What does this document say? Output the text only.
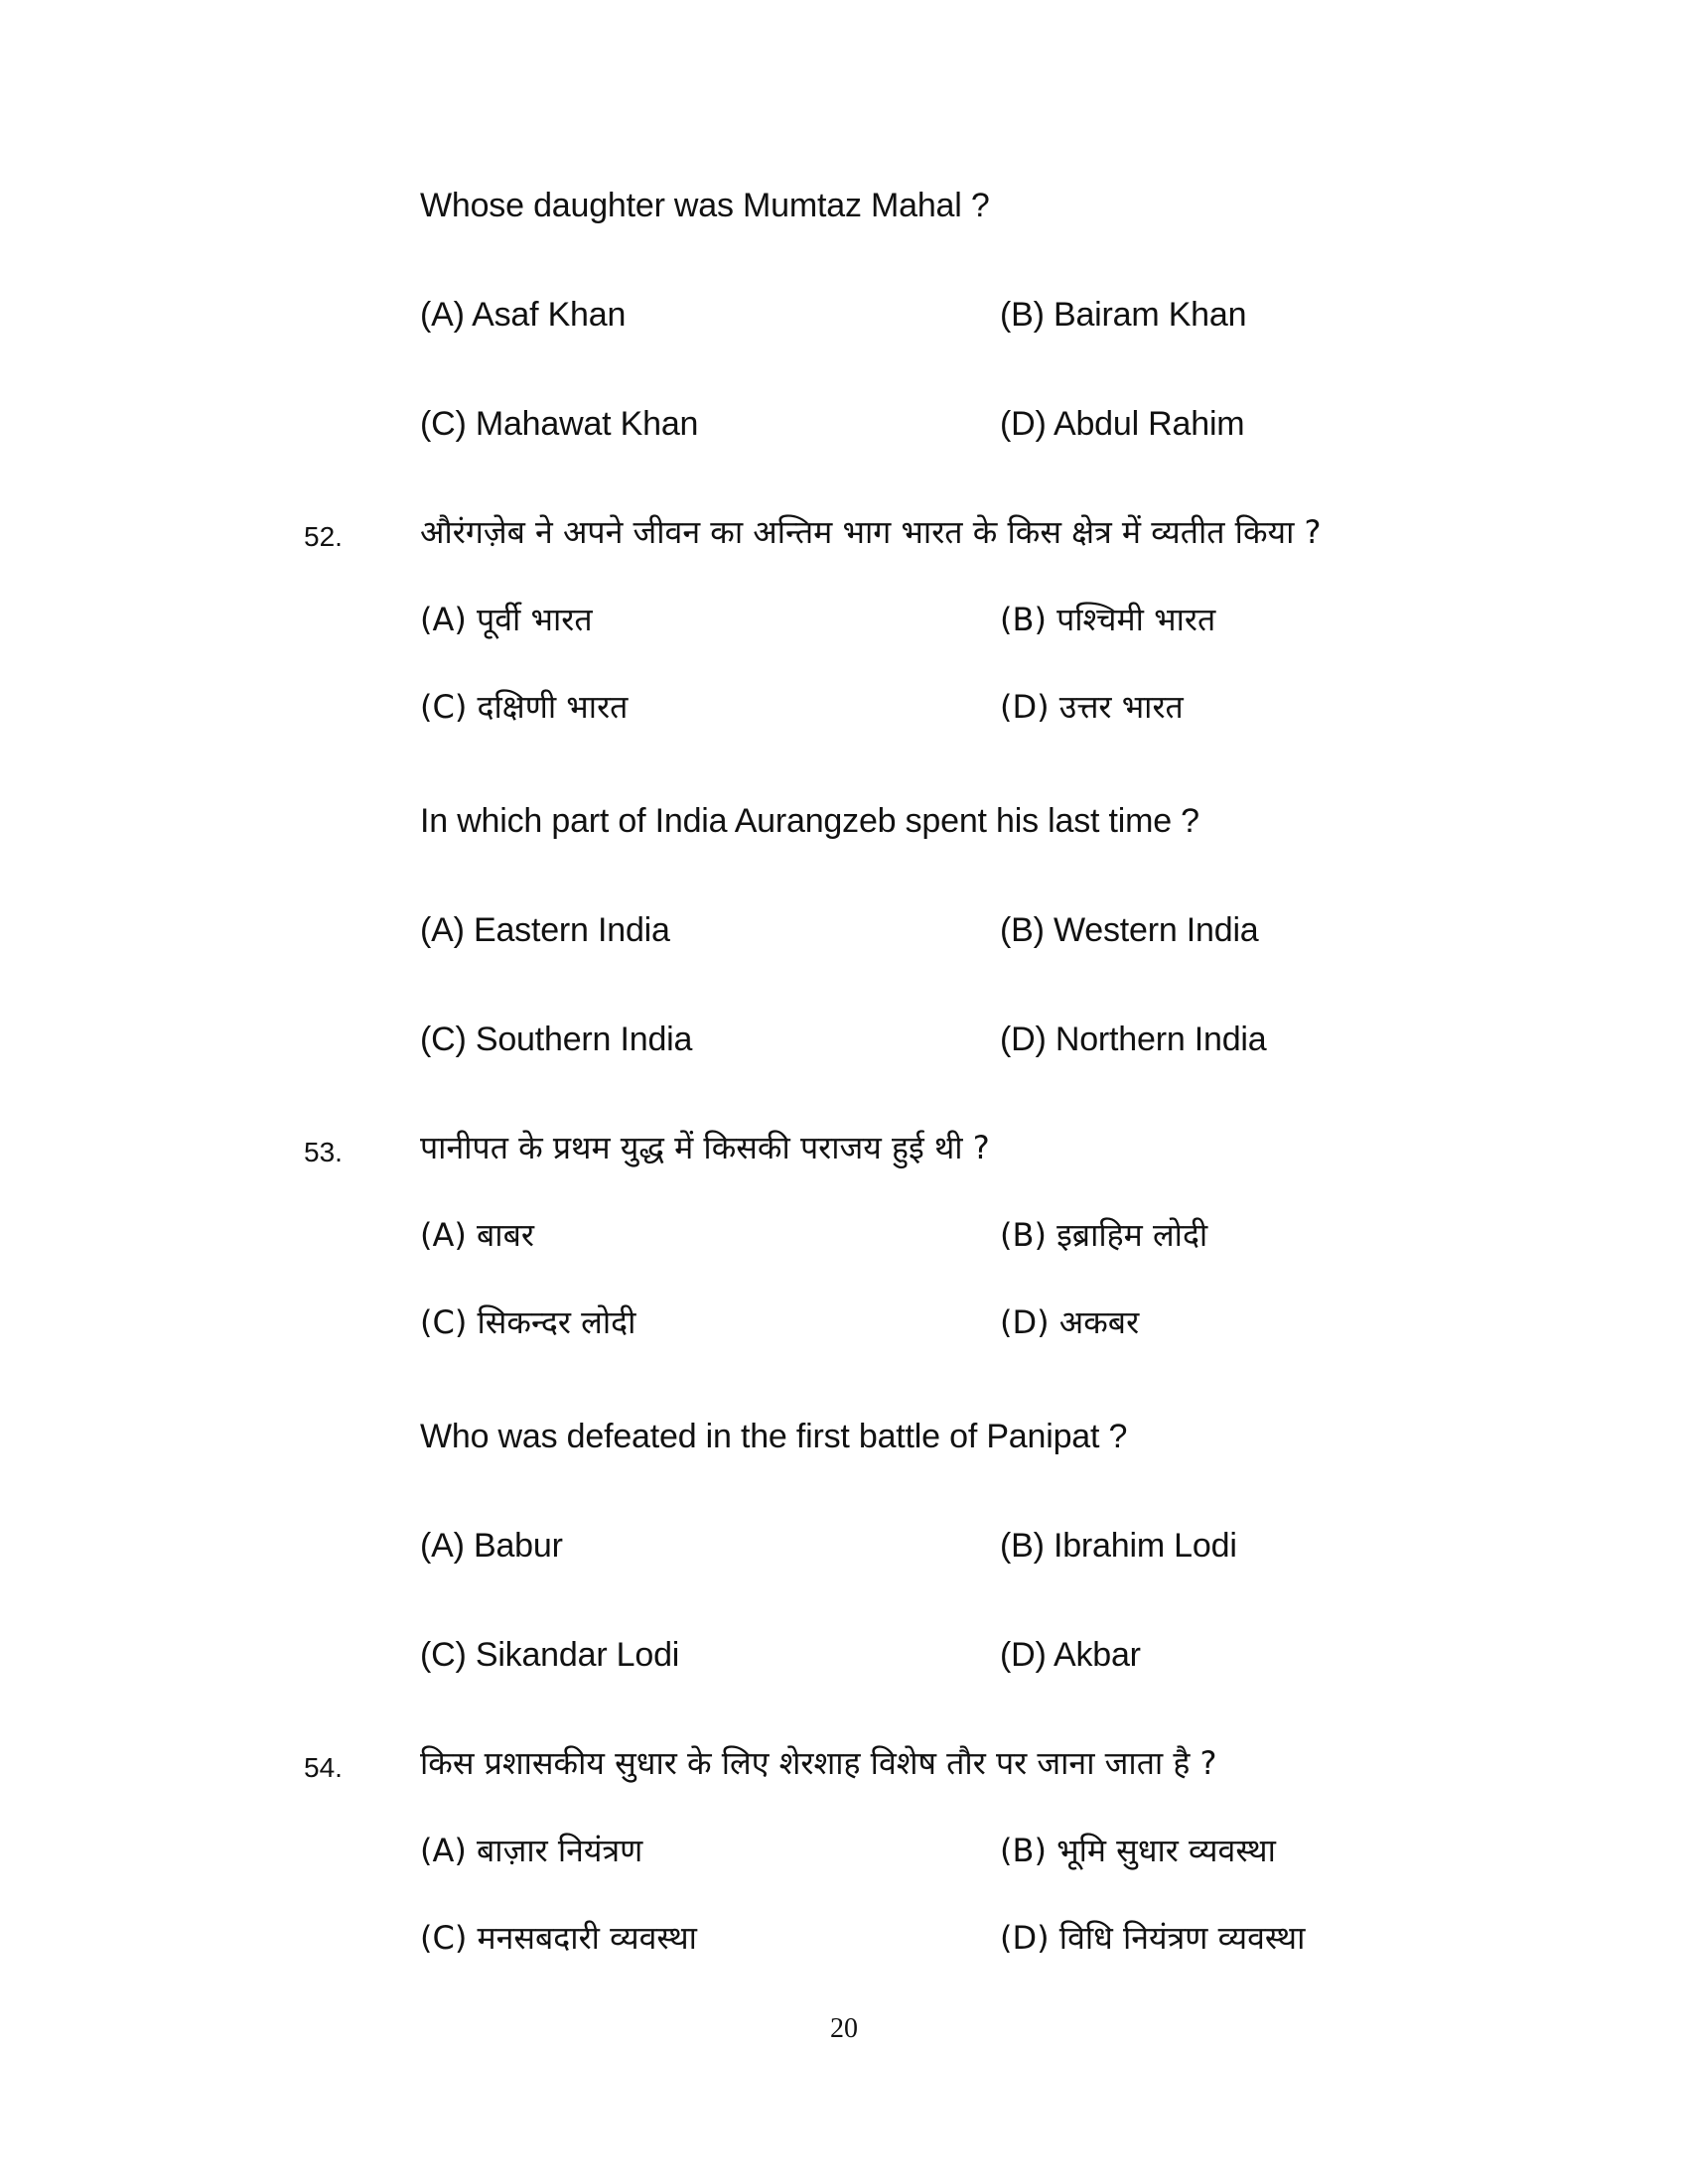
Whose daughter was Mumtaz Mahal ?
(A) Asaf Khan	(B) Bairam Khan
(C) Mahawat Khan	(D) Abdul Rahim
52. औरंगज़ेब ने अपने जीवन का अन्तिम भाग भारत के किस क्षेत्र में व्यतीत किया ?
(A) पूर्वी भारत	(B) पश्चिमी भारत
(C) दक्षिणी भारत	(D) उत्तर भारत
In which part of India Aurangzeb spent his last time ?
(A) Eastern India	(B) Western India
(C) Southern India	(D) Northern India
53. पानीपत के प्रथम युद्ध में किसकी पराजय हुई थी ?
(A) बाबर	(B) इब्राहिम लोदी
(C) सिकन्दर लोदी	(D) अकबर
Who was defeated in the first battle of Panipat ?
(A) Babur	(B) Ibrahim Lodi
(C) Sikandar Lodi	(D) Akbar
54. किस प्रशासकीय सुधार के लिए शेरशाह विशेष तौर पर जाना जाता है ?
(A) बाज़ार नियंत्रण	(B) भूमि सुधार व्यवस्था
(C) मनसबदारी व्यवस्था	(D) विधि नियंत्रण व्यवस्था
20
